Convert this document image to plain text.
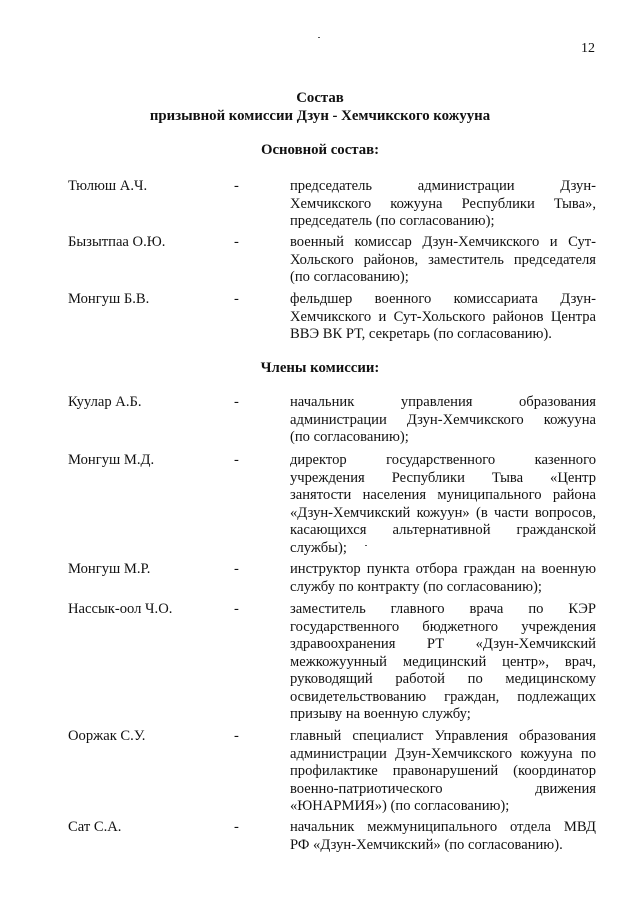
12
Состав
призывной комиссии Дзун - Хемчикского кожууна
Основной состав:
Тюлюш А.Ч.	-	председатель администрации Дзун-
Хемчикского кожууна Республики Тыва»,
председатель (по согласованию);
Бызытпаа О.Ю.	-	военный комиссар Дзун-Хемчикского и Сут-
Хольского районов, заместитель председателя
(по согласованию);
Монгуш Б.В.	-	фельдшер военного комиссариата Дзун-
Хемчикского и Сут-Хольского районов Центра
ВВЭ ВК РТ, секретарь (по согласованию).
Члены комиссии:
Куулар А.Б.	-	начальник управления образования
администрации Дзун-Хемчикского кожууна
(по согласованию);
Монгуш М.Д.	-	директор государственного казенного
учреждения Республики Тыва «Центр
занятости населения муниципального района
«Дзун-Хемчикский кожуун» (в части вопросов,
касающихся альтернативной гражданской
службы);
Монгуш М.Р.	-	инструктор пункта отбора граждан на военную
службу по контракту (по согласованию);
Нассык-оол Ч.О.	-	заместитель главного врача по КЭР
государственного бюджетного учреждения
здравоохранения РТ «Дзун-Хемчикский
межкожуунный медицинский центр», врач,
руководящий работой по медицинскому
освидетельствованию граждан, подлежащих
призыву на военную службу;
Ооржак С.У.	-	главный специалист Управления образования
администрации Дзун-Хемчикского кожууна по
профилактике правонарушений (координатор
военно-патриотического движения
«ЮНАРМИЯ») (по согласованию);
Сат С.А.	-	начальник межмуниципального отдела МВД
РФ «Дзун-Хемчикский» (по согласованию).
